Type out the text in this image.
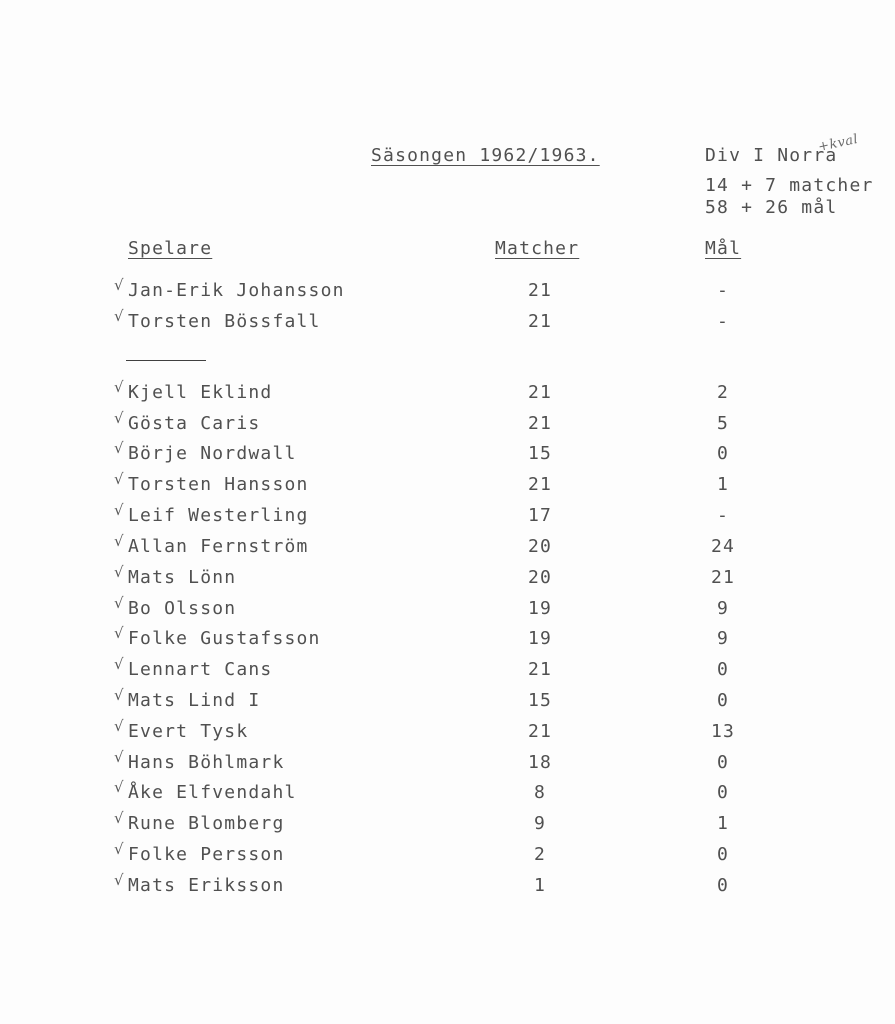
Säsongen 1962/1963.	Div I Norra
+kval
14 + 7 matcher
58 + 26 mål
Spelare	Matcher	Mål
√ Jan-Erik Johansson	21	-
√ Torsten Bössfall	21	-
√ Kjell Eklind	21	2
√ Gösta Caris	21	5
√ Börje Nordwall	15	0
√ Torsten Hansson	21	1
√ Leif Westerling	17	-
√ Allan Fernström	20	24
√ Mats Lönn	20	21
√ Bo Olsson	19	9
√ Folke Gustafsson	19	9
√ Lennart Cans	21	0
√ Mats Lind I	15	0
√ Evert Tysk	21	13
√ Hans Böhlmark	18	0
√ Åke Elfvendahl	8	0
√ Rune Blomberg	9	1
√ Folke Persson	2	0
√ Mats Eriksson	1	0
